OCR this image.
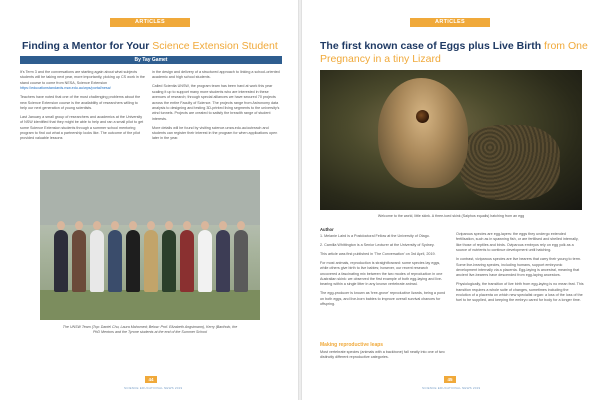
ARTICLES
Finding a Mentor for Your Science Extension Student
By Tay Gamet

It's Term 3 and the conversations are starting again about what subjects students will be taking next year, more importantly, picking up CS work in the stand course to come from NESA, Science Extension https://educationstandards.nsw.edu.au/wps/portal/nesa/

Teachers have noted that one of the most challenging problems about the new Science Extension course is the availability of researchers willing to help our next generation of young scientists.

Last January a small group of researchers and academics at the University of NSW identified that they might be able to help and ran a small pilot to get some Science Extension students through a summer school mentoring program to find out what a partnership looks like. The outcome of the pilot provided valuable lessons

in the design and delivery of a structured approach to linking a school-oriented academic and high school students.

Called Scientia UNSW, the program team has been hard at work this year scaling it up to support many more students who are interested in these avenues of research; through special alliances we have secured 70 projects across the entire Faculty of Science. The projects range from Astronomy data analysis to designing and testing 3D-printed living segments to the university's wind tunnels. Projects are created to satisfy the breadth range of student interests.

More details will be found by visiting science.unsw.edu.au/outreach and students can register their interest in the program for when applications open later in the year.

The UNSW Team (Top: Daniel Chu, Laura Mahomed; Below: Prof. Elizabeth Angstmann), Kerry (Bartholo, the PhD Mentors and the Tyrone students at the end of the Summer School
44
SCIENCE EDUCATIONAL NEWS 2019
ARTICLES
The first known case of Eggs plus Live Birth from One Pregnancy in a tiny Lizard
Welcome to the world, little skink. A three-toed skink (Saiphos equalis) hatching from an egg
Author

1. Melanie Laird is a Postdoctoral Fellow at the University of Otago.

2. Camilla Whittington is a Senior Lecturer at the University of Sydney.

This article was first published in 'The Conversation' on 3rd April, 2019.

For most animals, reproduction is straightforward: some species lay eggs, while others give birth to live babies; however, our recent research uncovered a fascinating mix between the two modes of reproduction in one Australian skink: we observed the first example of both egg-laying and live-bearing within a single litter in any known vertebrate animal.

The egg-producer is known as 'tree-grove' reproductive lizards, being a pond on both eggs, and live-born babies to improve overall survival chances for offspring.

Making reproductive leaps

Most vertebrate species (animals with a backbone) fall neatly into one of two distinctly different reproductive categories.

Oviparous species are egg-layers: the eggs they undergo extended fertilisation, such as in spawning fish, or are fertilised and shelled internally, like those of reptiles and birds. Oviparous embryos rely on egg yolk as a source of nutrients to continue development until hatching.

In contrast, viviparous species are live bearers that carry their young to term. Some live-bearing species, including humans, support embryonic development internally via a placenta. Egg-laying is ancestral, meaning that ancient live-bearers have descended from egg-laying ancestors.

Physiologically, the transition of live birth from egg-laying is no mean feat. This transition requires a whole suite of changes, sometimes including the evolution of a placenta on which new specialist organ: a loss of the loss of the fuel to be supplied, and keeping the embryo cared for body for a longer time.

45
SCIENCE EDUCATIONAL NEWS 2019
